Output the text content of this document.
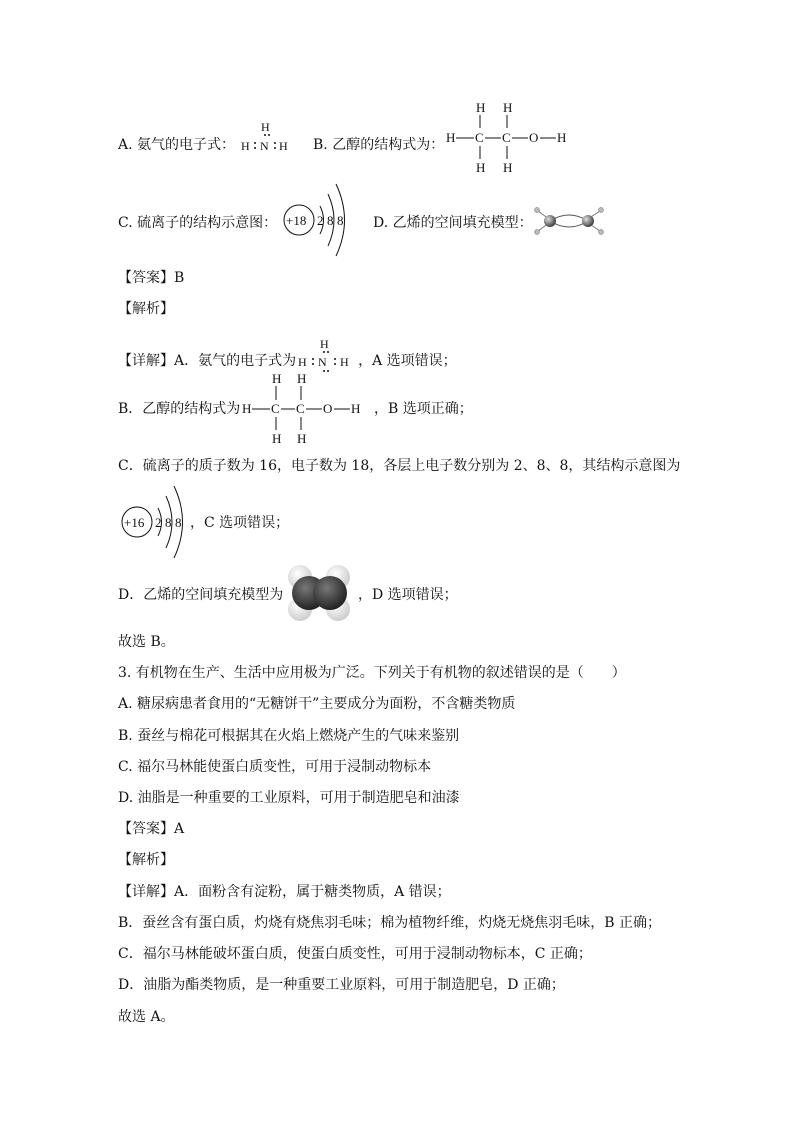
A. 氨气的电子式：
H
H N H B. 乙醇的结构式为：
H H
H C C O H
H H
C. 硫离子的结构示意图： +18 2 8 8 D. 乙烯的空间填充模型：
【答案】B
【解析】
【详解】A．氨气的电子式为
H
H N H ，A 选项错误；
B．乙醇的结构式为
H H
H C C O H
H H
，B 选项正确；
C．硫离子的质子数为 16，电子数为 18，各层上电子数分别为 2、8、8，其结构示意图为
+16 2 8 8 ，C 选项错误；
D．乙烯的空间填充模型为	，D 选项错误；
故选 B。
3. 有机物在生产、生活中应用极为广泛。下列关于有机物的叙述错误的是（　　）
A. 糖尿病患者食用的“无糖饼干”主要成分为面粉，不含糖类物质
B. 蚕丝与棉花可根据其在火焰上燃烧产生的气味来鉴别
C. 福尔马林能使蛋白质变性，可用于浸制动物标本
D. 油脂是一种重要的工业原料，可用于制造肥皂和油漆
【答案】A
【解析】
【详解】A．面粉含有淀粉，属于糖类物质，A 错误；
B．蚕丝含有蛋白质，灼烧有烧焦羽毛味；棉为植物纤维，灼烧无烧焦羽毛味，B 正确；
C．福尔马林能破坏蛋白质，使蛋白质变性，可用于浸制动物标本，C 正确；
D．油脂为酯类物质，是一种重要工业原料，可用于制造肥皂，D 正确；
故选 A。
